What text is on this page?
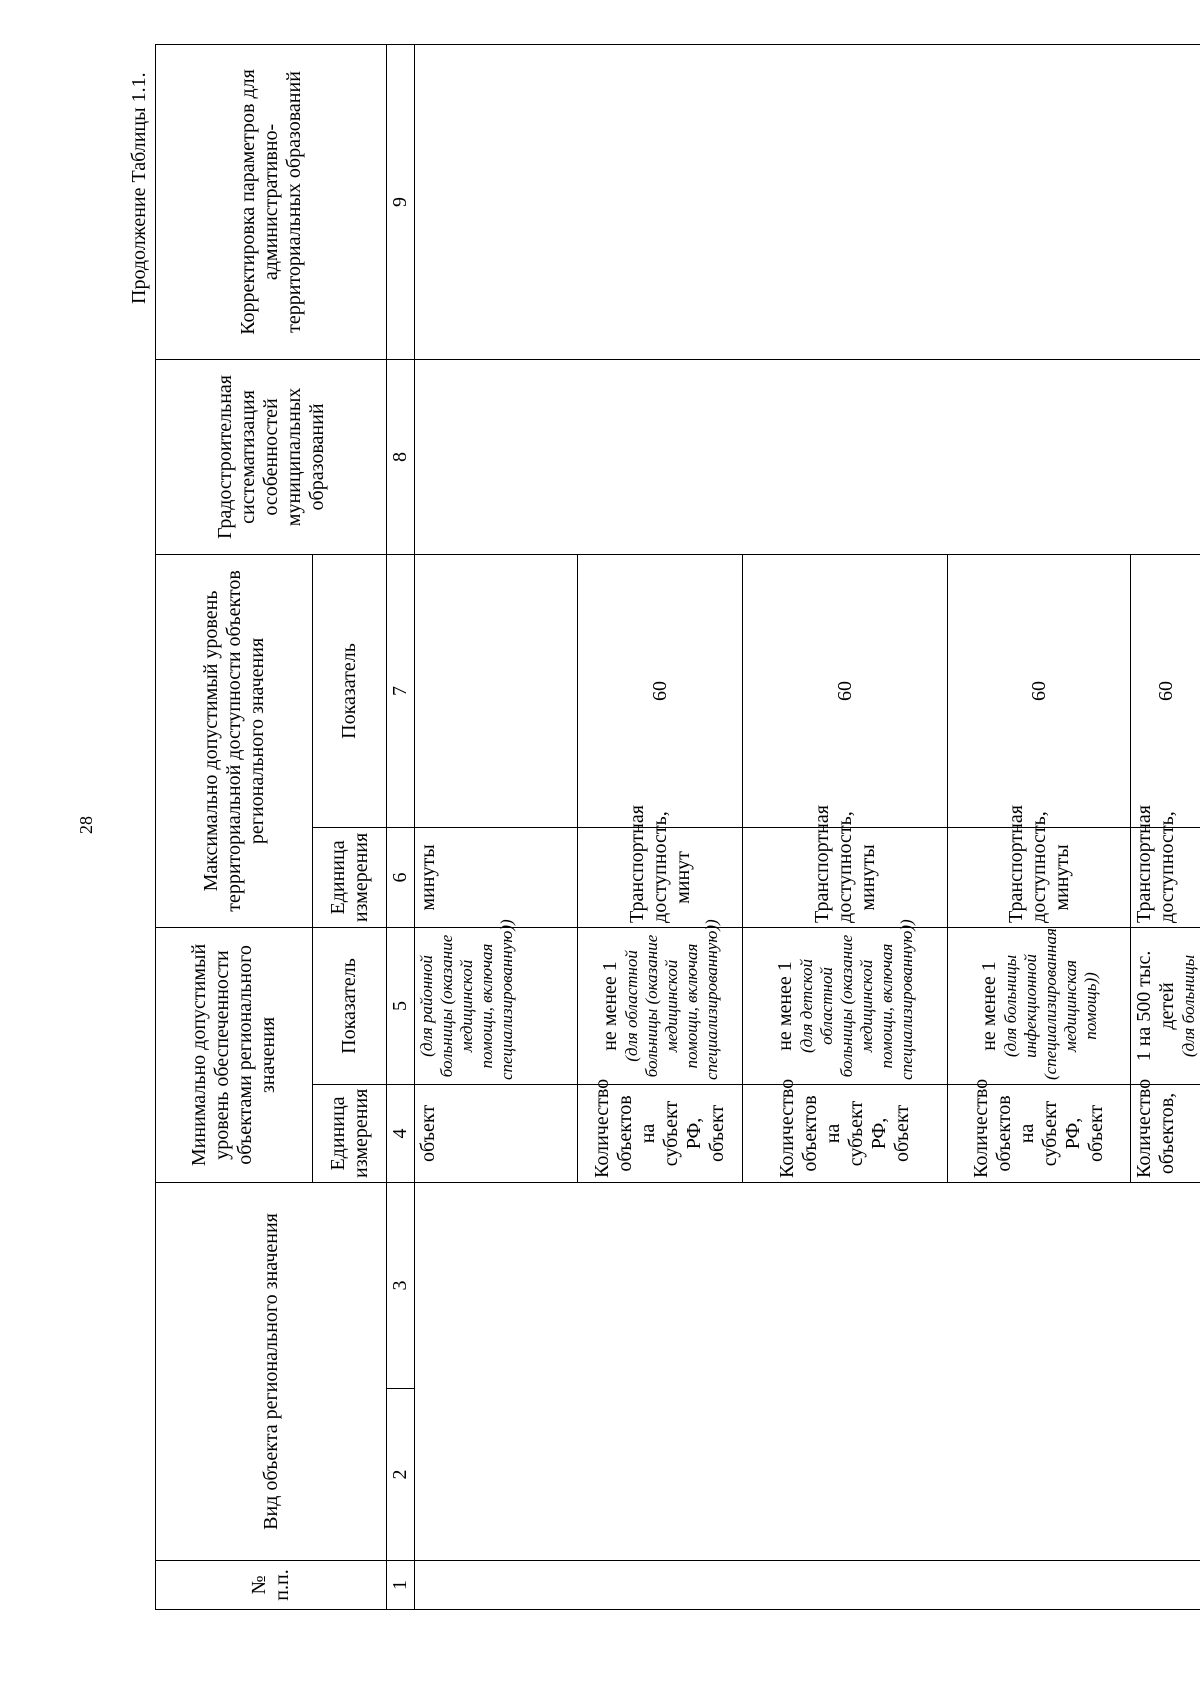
28
Продолжение Таблицы 1.1.
№ п.п.	Вид объекта регионального значения		Минимально допустимый уровень обеспеченности объектами регионального значения		Максимально допустимый уровень территориальной доступности объектов регионального значения		Градостроительная систематизация особенностей муниципальных образований	Корректировка параметров для административно-территориальных образований
			Единица измерения	Показатель	Единица измерения	Показатель		
1	2	3	4	5	6	7	8	9
			объект	(для районной больницы (оказание медицинской помощи, включая специализированную))	минуты			
			Количество объектов на субъект РФ, объект	не менее 1 (для областной больницы (оказание медицинской помощи, включая специализированную))	Транспортная доступность, минут	60		
			Количество объектов на субъект РФ, объект	не менее 1 (для детской областной больницы (оказание медицинской помощи, включая специализированную))	Транспортная доступность, минуты	60		
			Количество объектов на субъект РФ, объект	не менее 1 (для больницы инфекционной (специализированная медицинская помощь))	Транспортная доступность, минуты	60		
			Количество объектов,	1 на 500 тыс. детей (для больницы	Транспортная доступность,	60		
